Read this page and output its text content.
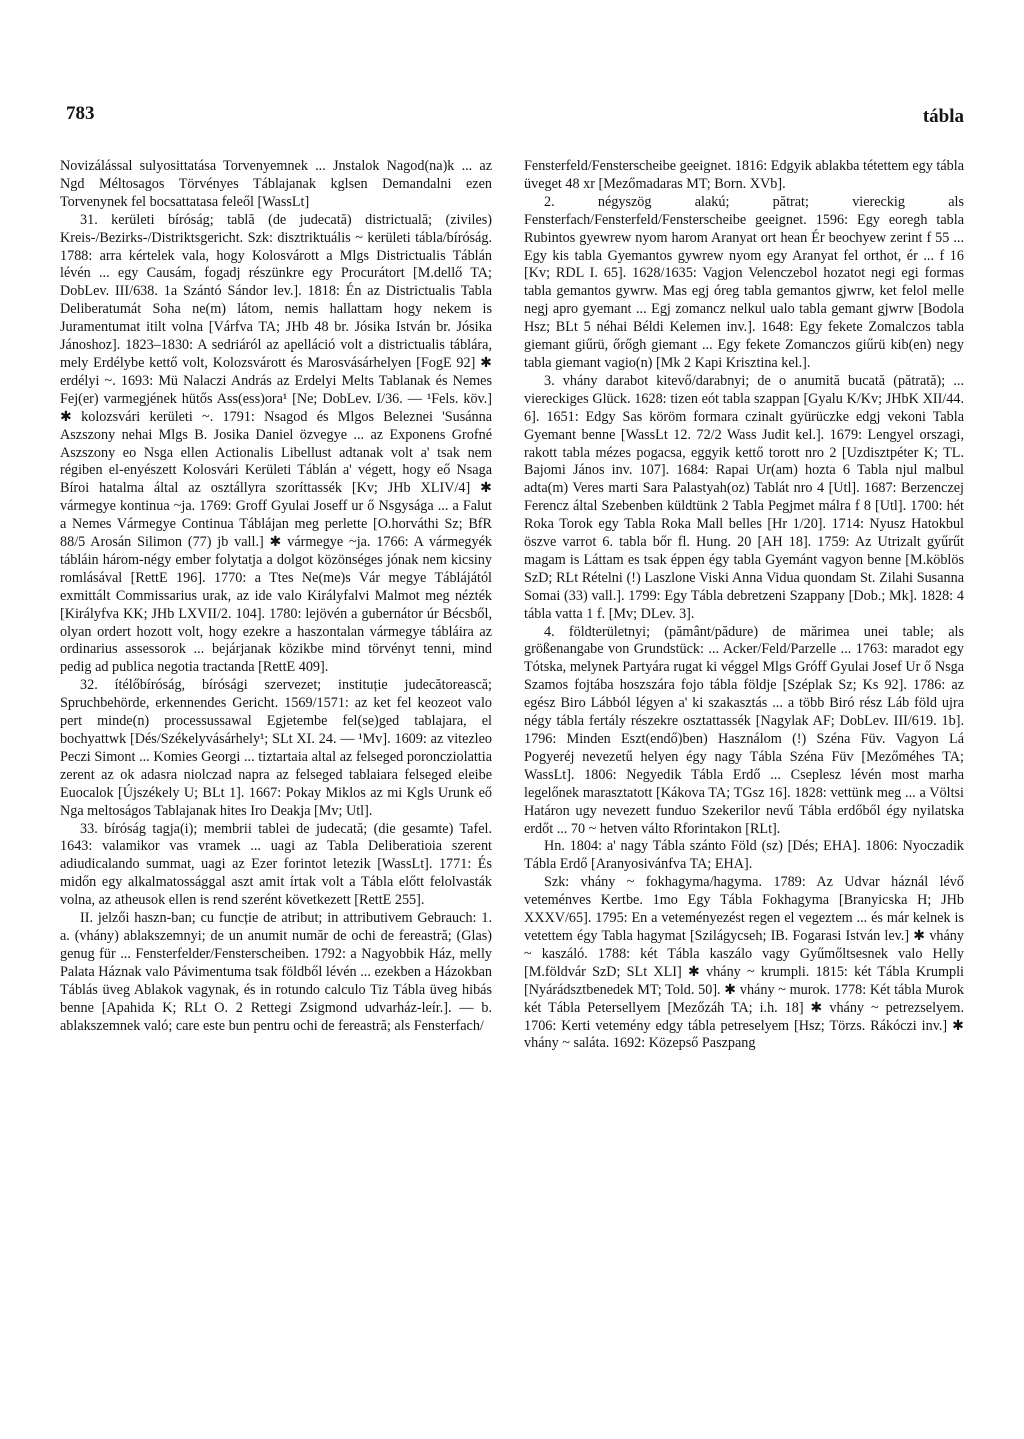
783	tábla

Novizálással sulyosittatása Torvenyemnek ... Jnstalok Nagod(na)k ... az Ngd Méltosagos Törvényes Táblajanak kglsen Demandalni ezen Torvenynek fel bocsattatasa feleől [WassLt]

31. kerületi bíróság; tablă (de judecată) districtuală; (ziviles) Kreis-/Bezirks-/Distriktsgericht. Szk: disztriktuális ~ kerületi tábla/bíróság. 1788: arra kértelek vala, hogy Kolosvárott a Mlgs Districtualis Táblán lévén ... egy Causám, fogadj részünkre egy Procurátort [M.dellő TA; DobLev. III/638. 1a Szántó Sándor lev.]. 1818: Én az Districtualis Tabla Deliberatumát Soha ne(m) látom, nemis hallattam hogy nekem is Juramentumat itilt volna [Várfva TA; JHb 48 br. Jósika István br. Jósika Jánoshoz]. 1823–1830: A sedriáról az apelláció volt a districtualis táblára, mely Erdélybe kettő volt, Kolozsvárott és Marosvásárhelyen [FogE 92] ✱ erdélyi ~. 1693: Mü Nalaczi András az Erdelyi Melts Tablanak és Nemes Fej(er) varmegjének hütős Ass(ess)ora¹ [Ne; DobLev. I/36. — ¹Fels. köv.] ✱ kolozsvári kerületi ~. 1791: Nsagod és Mlgos Beleznei 'Susánna Aszszony nehai Mlgs B. Josika Daniel özvegye ... az Exponens Grofné Aszszony eo Nsga ellen Actionalis Libellust adtanak volt a' tsak nem régiben el-enyészett Kolosvári Kerületi Táblán a' végett, hogy eő Nsaga Bíroi hatalma által az osztállyra szoríttassék [Kv; JHb XLIV/4] ✱ vármegye kontinua ~ja. 1769: Groff Gyulai Joseff ur ő Nsgysága ... a Falut a Nemes Vármegye Continua Táblájan meg perlette [O.horváthi Sz; BfR 88/5 Arosán Silimon (77) jb vall.] ✱ vármegye ~ja. 1766: A vármegyék tábláin három-négy ember folytatja a dolgot közönséges jónak nem kicsiny romlásával [RettE 196]. 1770: a Ttes Ne(me)s Vár megye Táblájától exmittált Commissarius urak, az ide valo Királyfalvi Malmot meg nézték [Királyfva KK; JHb LXVII/2. 104]. 1780: lejövén a gubernátor úr Bécsből, olyan ordert hozott volt, hogy ezekre a haszontalan vármegye tábláira az ordinarius assessorok ... bejárjanak közikbe mind törvényt tenni, mind pedig ad publica negotia tractanda [RettE 409].

32. ítélőbíróság, bírósági szervezet; instituție judecătorească; Spruchbehörde, erkennendes Gericht. 1569/1571: az ket fel keozeot valo pert minde(n) processussawal Egjetembe fel(se)ged tablajara, el bochyattwk [Dés/Székelyvásárhely¹; SLt XI. 24. — ¹Mv]. 1609: az vitezleo Peczi Simont ... Komies Georgi ... tiztartaia altal az felseged poroncziolattia zerent az ok adasra niolczad napra az felseged tablaiara felseged eleibe Euocalok [Újszékely U; BLt 1]. 1667: Pokay Miklos az mi Kgls Urunk eő Nga meltoságos Tablajanak hites Iro Deakja [Mv; Utl].

33. bíróság tagja(i); membrii tablei de judecată; (die gesamte) Tafel. 1643: valamikor vas vramek ... uagi az Tabla Deliberatioia szerent adiudicalando summat, uagi az Ezer forintot letezik [WassLt]. 1771: És midőn egy alkalmatossággal aszt amit írtak volt a Tábla előtt felolvasták volna, az atheusok ellen is rend szerént következett [RettE 255].

II. jelzői haszn-ban; cu funcție de atribut; in attributivem Gebrauch: 1. a. (vhány) ablakszemnyi; de un anumit număr de ochi de fereastră; (Glas) genug für ... Fensterfelder/Fensterscheiben. 1792: a Nagyobbik Ház, melly Palata Háznak valo Pávimentuma tsak földből lévén ... ezekben a Házokban Táblás üveg Ablakok vagynak, és in rotundo calculo Tiz Tábla üveg hibás benne [Apahida K; RLt O. 2 Rettegi Zsigmond udvarház-leír.]. — b. ablakszemnek való; care este bun pentru ochi de fereastră; als Fensterfach/

Fensterfeld/Fensterscheibe geeignet. 1816: Edgyik ablakba tétettem egy tábla üveget 48 xr [Mezőmadaras MT; Born. XVb].

2. négyszög alakú; pătrat; viereckig als Fensterfach/Fensterfeld/Fensterscheibe geeignet. 1596: Egy eoregh tabla Rubintos gyewrew nyom harom Aranyat ort hean Ér beochyew zerint f 55 ... Egy kis tabla Gyemantos gywrew nyom egy Aranyat fel orthot, ér ... f 16 [Kv; RDL I. 65]. 1628/1635: Vagjon Velenczebol hozatot negi egi formas tabla gemantos gywrw. Mas egj óreg tabla gemantos gjwrw, ket felol melle negj apro gyemant ... Egj zomancz nelkul ualo tabla gemant gjwrw [Bodola Hsz; BLt 5 néhai Béldi Kelemen inv.]. 1648: Egy fekete Zomalczos tabla giemant giűrü, őrőgh giemant ... Egy fekete Zomanczos giűrü kib(en) negy tabla giemant vagio(n) [Mk 2 Kapi Krisztina kel.].

3. vhány darabot kitevő/darabnyi; de o anumită bucată (pătrată); ... viereckiges Glück. 1628: tizen eót tabla szappan [Gyalu K/Kv; JHbK XII/44. 6]. 1651: Edgy Sas köröm formara czinalt gyürüczke edgj vekoni Tabla Gyemant benne [WassLt 12. 72/2 Wass Judit kel.]. 1679: Lengyel orszagi, rakott tabla mézes pogacsa, eggyik kettő torott nro 2 [Uzdisztpéter K; TL. Bajomi János inv. 107]. 1684: Rapai Ur(am) hozta 6 Tabla njul malbul adta(m) Veres marti Sara Palastyah(oz) Tablát nro 4 [Utl]. 1687: Berzenczej Ferencz által Szebenben küldtünk 2 Tabla Pegjmet málra f 8 [Utl]. 1700: hét Roka Torok egy Tabla Roka Mall belles [Hr 1/20]. 1714: Nyusz Hatokbul öszve varrot 6. tabla bőr fl. Hung. 20 [AH 18]. 1759: Az Utrizalt gyűrűt magam is Láttam es tsak éppen égy tabla Gyemánt vagyon benne [M.köblös SzD; RLt Rételni (!) Laszlone Viski Anna Vidua quondam St. Zilahi Susanna Somai (33) vall.]. 1799: Egy Tábla debretzeni Szappany [Dob.; Mk]. 1828: 4 tábla vatta 1 f. [Mv; DLev. 3].

4. földterületnyi; (pământ/pădure) de mărimea unei table; als größenangabe von Grundstück: ... Acker/Feld/Parzelle ... 1763: maradot egy Tótska, melynek Partyára rugat ki véggel Mlgs Gróff Gyulai Josef Ur ő Nsga Szamos fojtába hoszszára fojo tábla földje [Széplak Sz; Ks 92]. 1786: az egész Biro Lábból légyen a' ki szakasztás ... a több Biró rész Láb föld ujra négy tábla fertály részekre osztattassék [Nagylak AF; DobLev. III/619. 1b]. 1796: Minden Eszt(endő)ben) Használom (!) Széna Füv. Vagyon Lá Pogyeréj nevezetű helyen égy nagy Tábla Széna Füv [Mezőméhes TA; WassLt]. 1806: Negyedik Tábla Erdő ... Cseplesz lévén most marha legelőnek marasztatott [Kákova TA; TGsz 16]. 1828: vettünk meg ... a Völtsi Határon ugy nevezett funduo Szekerilor nevű Tábla erdőből égy nyilatska erdőt ... 70 ~ hetven válto Rforintakon [RLt].

Hn. 1804: a' nagy Tábla szánto Föld (sz) [Dés; EHA]. 1806: Nyoczadik Tábla Erdő [Aranyosivánfva TA; EHA].

Szk: vhány ~ fokhagyma/hagyma. 1789: Az Udvar háznál lévő veteménves Kertbe. 1mo Egy Tábla Fokhagyma [Branyicska H; JHb XXXV/65]. 1795: En a veteményezést regen el vegeztem ... és már kelnek is vetettem égy Tabla hagymat [Szilágycseh; IB. Fogarasi István lev.] ✱ vhány ~ kaszáló. 1788: két Tábla kaszálo vagy Gyűmőltsesnek valo Helly [M.földvár SzD; SLt XLI] ✱ vhány ~ krumpli. 1815: két Tábla Krumpli [Nyárádsztbenedek MT; Told. 50]. ✱ vhány ~ murok. 1778: Két tábla Murok két Tábla Petersellyem [Mezőzáh TA; i.h. 18] ✱ vhány ~ petrezselyem. 1706: Kerti vetemény edgy tábla petreselyem [Hsz; Törzs. Rákóczi inv.] ✱ vhány ~ saláta. 1692: Közepső Paszpang
